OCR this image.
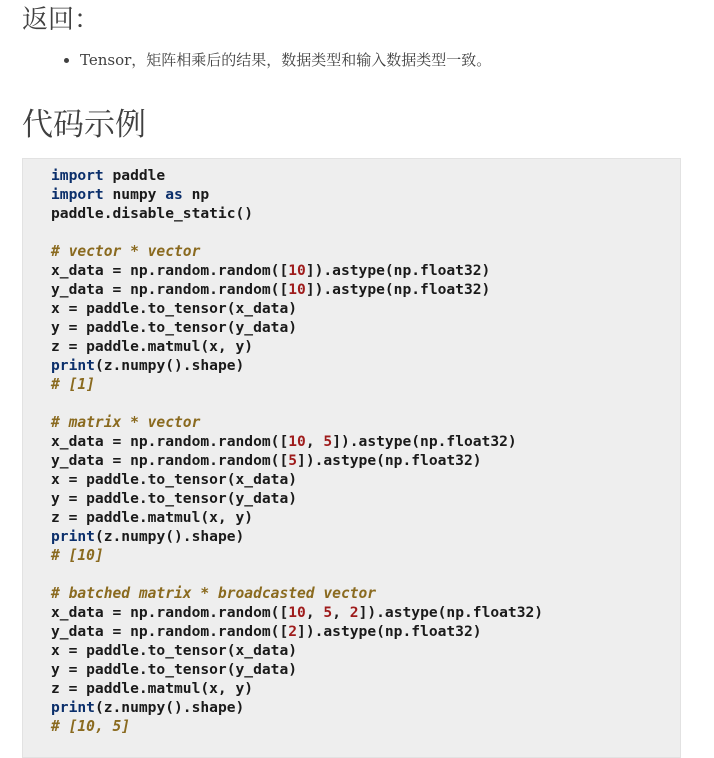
返回：
• Tensor，矩阵相乘后的结果，数据类型和输入数据类型一致。
代码示例
import paddle
import numpy as np
paddle.disable_static()

# vector * vector
x_data = np.random.random([10]).astype(np.float32)
y_data = np.random.random([10]).astype(np.float32)
x = paddle.to_tensor(x_data)
y = paddle.to_tensor(y_data)
z = paddle.matmul(x, y)
print(z.numpy().shape)
# [1]

# matrix * vector
x_data = np.random.random([10, 5]).astype(np.float32)
y_data = np.random.random([5]).astype(np.float32)
x = paddle.to_tensor(x_data)
y = paddle.to_tensor(y_data)
z = paddle.matmul(x, y)
print(z.numpy().shape)
# [10]

# batched matrix * broadcasted vector
x_data = np.random.random([10, 5, 2]).astype(np.float32)
y_data = np.random.random([2]).astype(np.float32)
x = paddle.to_tensor(x_data)
y = paddle.to_tensor(y_data)
z = paddle.matmul(x, y)
print(z.numpy().shape)
# [10, 5]
